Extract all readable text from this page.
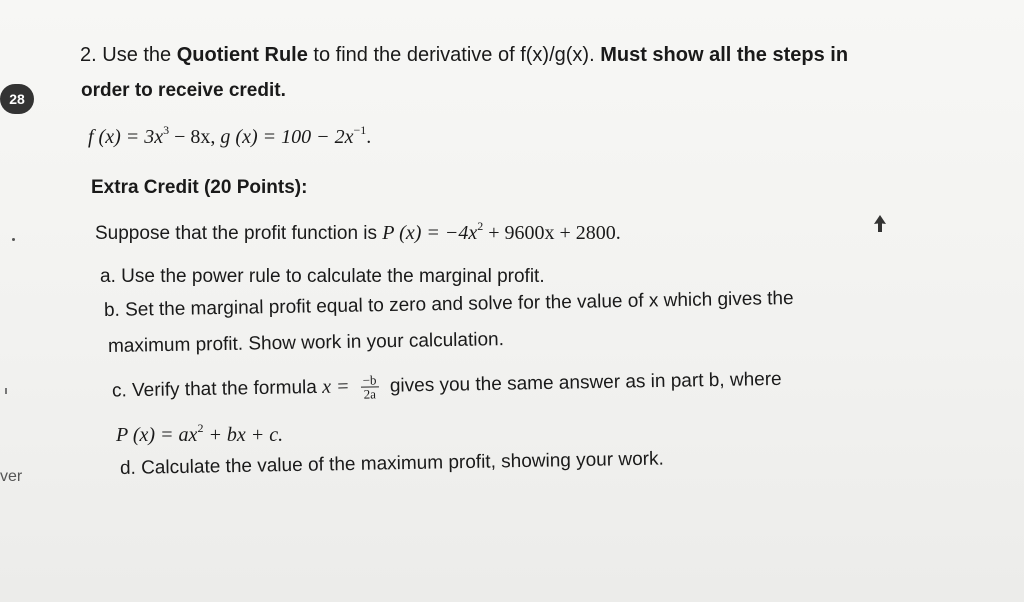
28
ver
2. Use the Quotient Rule to find the derivative of f(x)/g(x). Must show all the steps in
order to receive credit.
f $(x) = 3x^3 - 8x$, g $(x) = 100 - 2x^{-1}$.
Extra Credit (20 Points):
Suppose that the profit function is P $(x) = -4x^2 + 9600x + 2800$.
a. Use the power rule to calculate the marginal profit.
b. Set the marginal profit equal to zero and solve for the value of x which gives the
maximum profit. Show work in your calculation.
c. Verify that the formula $x = \frac{-b}{2a}$ gives you the same answer as in part b, where
P $(x) = ax^2$ + bx + c.
d. Calculate the value of the maximum profit, showing your work.
